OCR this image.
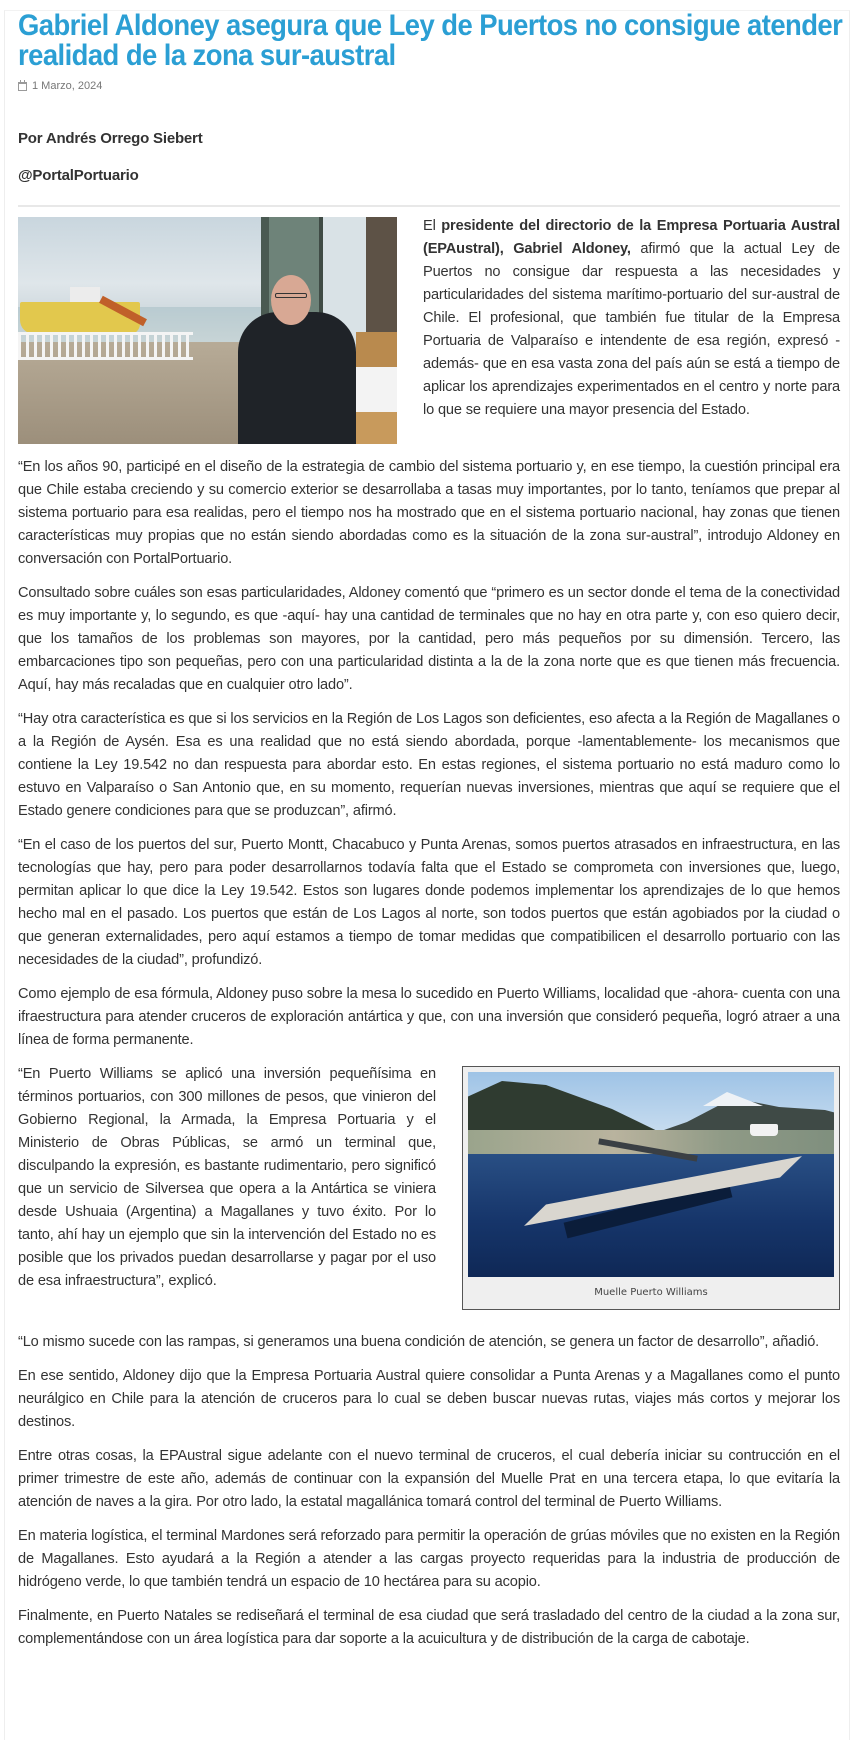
Gabriel Aldoney asegura que Ley de Puertos no consigue atender realidad de la zona sur-austral
1 Marzo, 2024
Por Andrés Orrego Siebert
@PortalPortuario

El presidente del directorio de la Empresa Portuaria Austral (EPAustral), Gabriel Aldoney, afirmó que la actual Ley de Puertos no consigue dar respuesta a las necesidades y particularidades del sistema marítimo-portuario del sur-austral de Chile. El profesional, que también fue titular de la Empresa Portuaria de Valparaíso e intendente de esa región, expresó -además- que en esa vasta zona del país aún se está a tiempo de aplicar los aprendizajes experimentados en el centro y norte para lo que se requiere una mayor presencia del Estado.

“En los años 90, participé en el diseño de la estrategia de cambio del sistema portuario y, en ese tiempo, la cuestión principal era que Chile estaba creciendo y su comercio exterior se desarrollaba a tasas muy importantes, por lo tanto, teníamos que prepar al sistema portuario para esa realidas, pero el tiempo nos ha mostrado que en el sistema portuario nacional, hay zonas que tienen características muy propias que no están siendo abordadas como es la situación de la zona sur-austral”, introdujo Aldoney en conversación con PortalPortuario.

Consultado sobre cuáles son esas particularidades, Aldoney comentó que “primero es un sector donde el tema de la conectividad es muy importante y, lo segundo, es que -aquí- hay una cantidad de terminales que no hay en otra parte y, con eso quiero decir, que los tamaños de los problemas son mayores, por la cantidad, pero más pequeños por su dimensión. Tercero, las embarcaciones tipo son pequeñas, pero con una particularidad distinta a la de la zona norte que es que tienen más frecuencia. Aquí, hay más recaladas que en cualquier otro lado”.

“Hay otra característica es que si los servicios en la Región de Los Lagos son deficientes, eso afecta a la Región de Magallanes o a la Región de Aysén. Esa es una realidad que no está siendo abordada, porque -lamentablemente- los mecanismos que contiene la Ley 19.542 no dan respuesta para abordar esto. En estas regiones, el sistema portuario no está maduro como lo estuvo en Valparaíso o San Antonio que, en su momento, requerían nuevas inversiones, mientras que aquí se requiere que el Estado genere condiciones para que se produzcan”, afirmó.

“En el caso de los puertos del sur, Puerto Montt, Chacabuco y Punta Arenas, somos puertos atrasados en infraestructura, en las tecnologías que hay, pero para poder desarrollarnos todavía falta que el Estado se comprometa con inversiones que, luego, permitan aplicar lo que dice la Ley 19.542. Estos son lugares donde podemos implementar los aprendizajes de lo que hemos hecho mal en el pasado. Los puertos que están de Los Lagos al norte, son todos puertos que están agobiados por la ciudad o que generan externalidades, pero aquí estamos a tiempo de tomar medidas que compatibilicen el desarrollo portuario con las necesidades de la ciudad”, profundizó.

Como ejemplo de esa fórmula, Aldoney puso sobre la mesa lo sucedido en Puerto Williams, localidad que -ahora- cuenta con una ifraestructura para atender cruceros de exploración antártica y que, con una inversión que consideró pequeña, logró atraer a una línea de forma permanente.

Muelle Puerto Williams

“En Puerto Williams se aplicó una inversión pequeñísima en términos portuarios, con 300 millones de pesos, que vinieron del Gobierno Regional, la Armada, la Empresa Portuaria y el Ministerio de Obras Públicas, se armó un terminal que, disculpando la expresión, es bastante rudimentario, pero significó que un servicio de Silversea que opera a la Antártica se viniera desde Ushuaia (Argentina) a Magallanes y tuvo éxito. Por lo tanto, ahí hay un ejemplo que sin la intervención del Estado no es posible que los privados puedan desarrollarse y pagar por el uso de esa infraestructura”, explicó.

“Lo mismo sucede con las rampas, si generamos una buena condición de atención, se genera un factor de desarrollo”, añadió.

En ese sentido, Aldoney dijo que la Empresa Portuaria Austral quiere consolidar a Punta Arenas y a Magallanes como el punto neurálgico en Chile para la atención de cruceros para lo cual se deben buscar nuevas rutas, viajes más cortos y mejorar los destinos.

Entre otras cosas, la EPAustral sigue adelante con el nuevo terminal de cruceros, el cual debería iniciar su contrucción en el primer trimestre de este año, además de continuar con la expansión del Muelle Prat en una tercera etapa, lo que evitaría la atención de naves a la gira. Por otro lado, la estatal magallánica tomará control del terminal de Puerto Williams.

En materia logística, el terminal Mardones será reforzado para permitir la operación de grúas móviles que no existen en la Región de Magallanes. Esto ayudará a la Región a atender a las cargas proyecto requeridas para la industria de producción de hidrógeno verde, lo que también tendrá un espacio de 10 hectárea para su acopio.

Finalmente, en Puerto Natales se rediseñará el terminal de esa ciudad que será trasladado del centro de la ciudad a la zona sur, complementándose con un área logística para dar soporte a la acuicultura y de distribución de la carga de cabotaje.
